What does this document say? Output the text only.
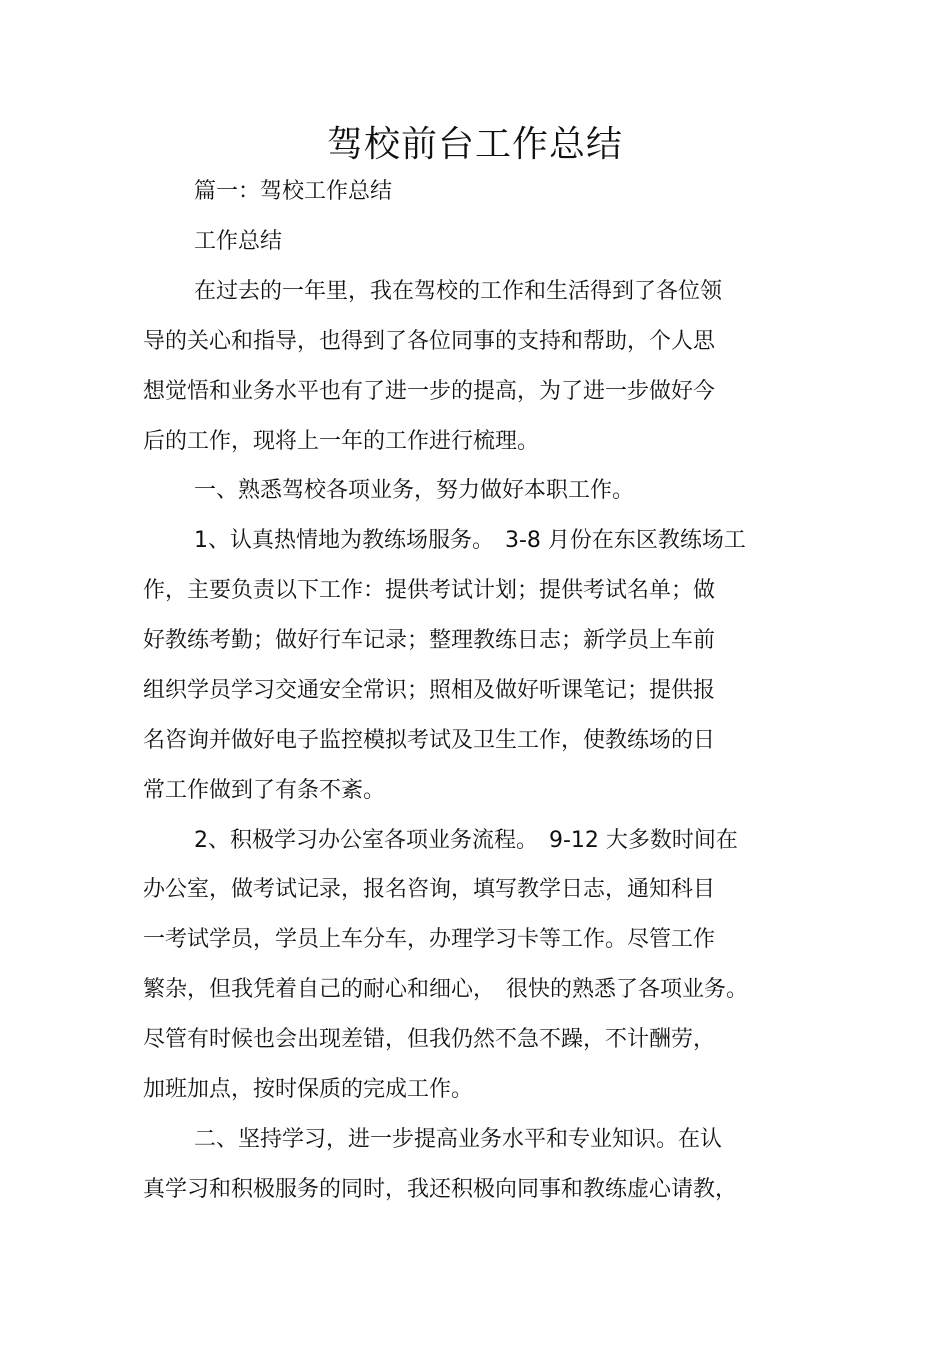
驾校前台工作总结
篇一：驾校工作总结
工作总结
在过去的一年里，我在驾校的工作和生活得到了各位领
导的关心和指导，也得到了各位同事的支持和帮助，个人思
想觉悟和业务水平也有了进一步的提高，为了进一步做好今
后的工作，现将上一年的工作进行梳理。
一、熟悉驾校各项业务，努力做好本职工作。
1、认真热情地为教练场服务。　3-8 月份在东区教练场工
作，主要负责以下工作：提供考试计划；提供考试名单；做
好教练考勤；做好行车记录；整理教练日志；新学员上车前
组织学员学习交通安全常识；照相及做好听课笔记；提供报
名咨询并做好电子监控模拟考试及卫生工作，使教练场的日
常工作做到了有条不紊。
2、积极学习办公室各项业务流程。　9-12 大多数时间在
办公室，做考试记录，报名咨询，填写教学日志，通知科目
一考试学员，学员上车分车，办理学习卡等工作。尽管工作
繁杂，但我凭着自己的耐心和细心，　很快的熟悉了各项业务。
尽管有时候也会出现差错，但我仍然不急不躁，不计酬劳，
加班加点，按时保质的完成工作。
二、坚持学习，进一步提高业务水平和专业知识。在认
真学习和积极服务的同时，我还积极向同事和教练虚心请教，
